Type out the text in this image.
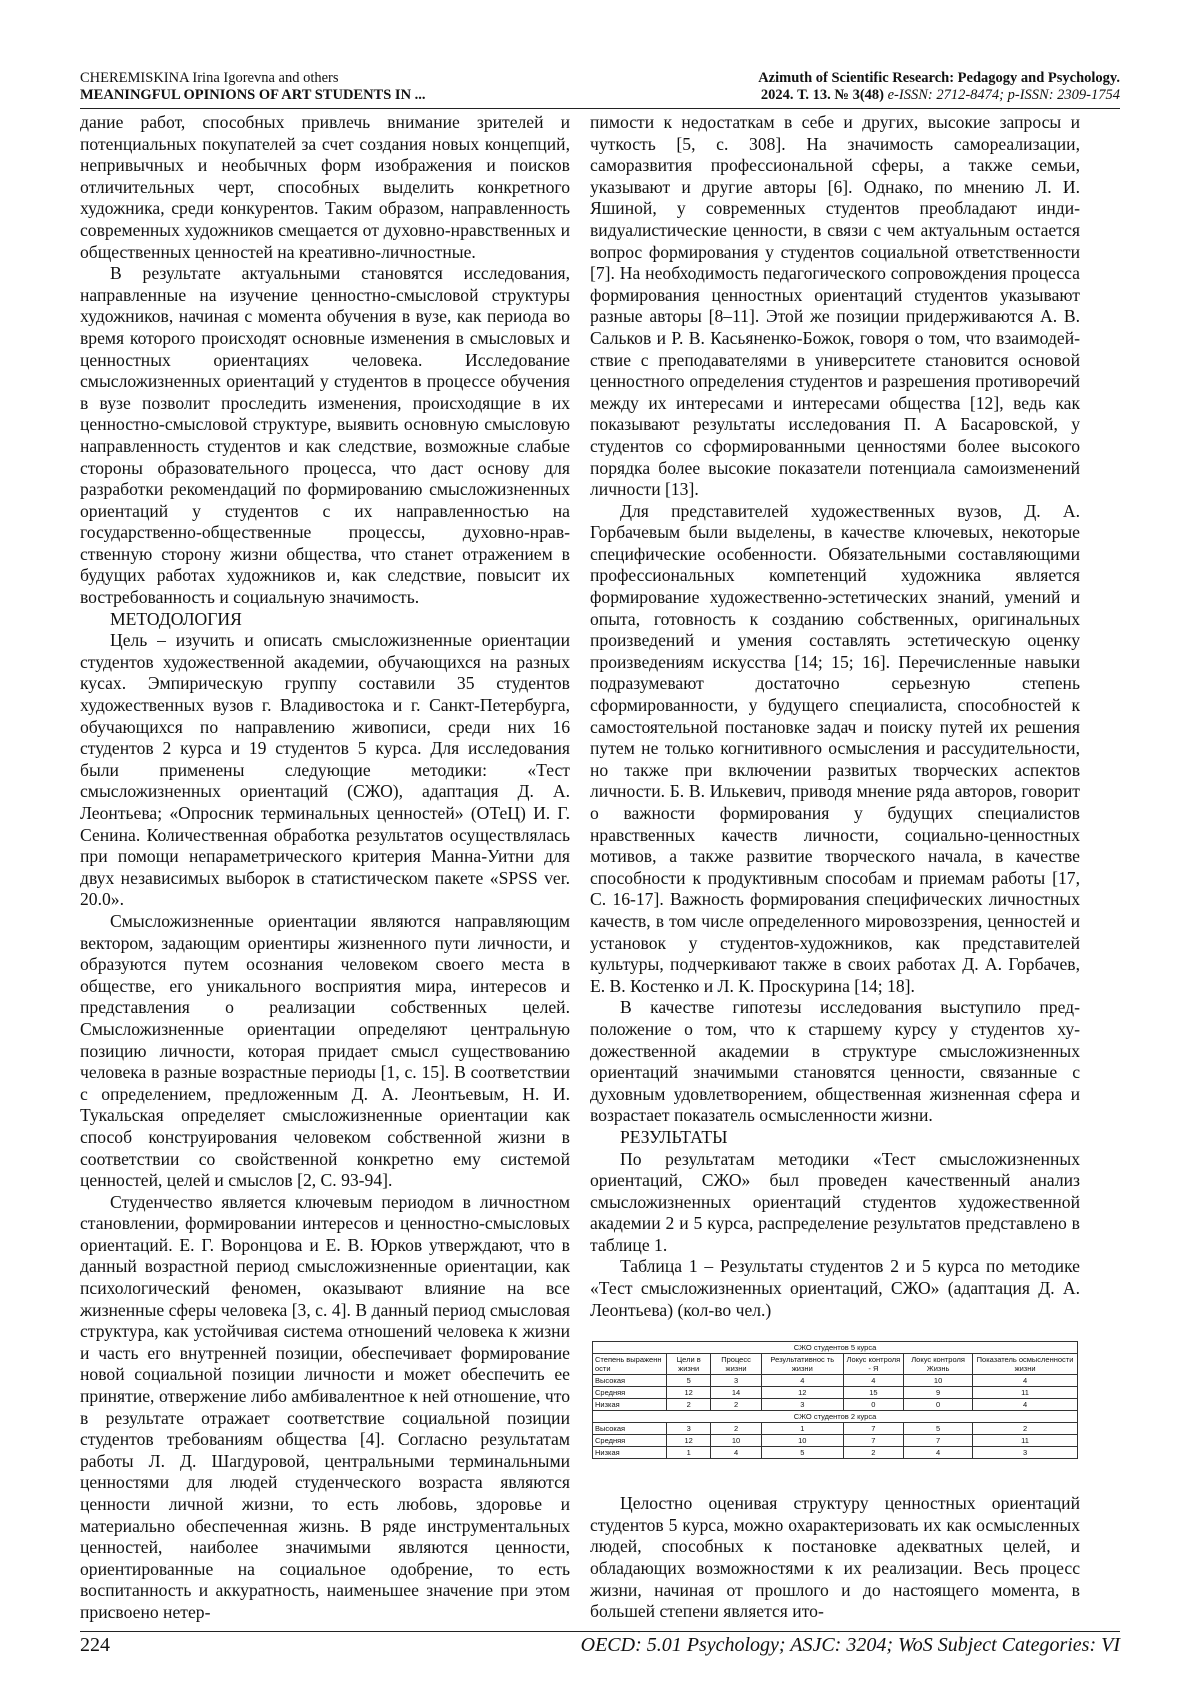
CHEREMISKINA Irina Igorevna and others
MEANINGFUL OPINIONS OF ART STUDENTS IN ...
Azimuth of Scientific Research: Pedagogy and Psychology.
2024. Т. 13. № 3(48) e-ISSN: 2712-8474; p-ISSN: 2309-1754

дание работ, способных привлечь внимание зрителей и потенциальных покупателей за счет создания новых концепций, непривычных и необычных форм изображения и поисков отличительных черт, способных выделить конкретного художника, среди конкурентов. Таким образом, направленность современных художников смещается от духовно-нравственных и общественных ценностей на креативно-личностные.

В результате актуальными становятся исследования, направленные на изучение ценностно-смысловой структуры художников, начиная с момента обучения в вузе, как периода во время которого происходят основные изменения в смысловых и ценностных ориентациях человека. Исследование смысложизненных ориентаций у студентов в процессе обучения в вузе позволит проследить изменения, происходящие в их ценностно-смысловой структуре, выявить основную смысловую направленность студентов и как следствие, возможные слабые стороны образовательного процесса, что даст основу для разработки рекомендаций по формированию смысложизненных ориентаций у студентов с их направленностью на государственно-общественные процессы, духовно-нравственную сторону жизни общества, что станет отражением в будущих работах художников и, как следствие, повысит их востребованность и социальную значимость.

МЕТОДОЛОГИЯ

Цель – изучить и описать смысложизненные ориентации студентов художественной академии, обучающихся на разных кусах. Эмпирическую группу составили 35 студентов художественных вузов г. Владивостока и г. Санкт-Петербурга, обучающихся по направлению живописи, среди них 16 студентов 2 курса и 19 студентов 5 курса. Для исследования были применены следующие методики: «Тест смысложизненных ориентаций (СЖО), адаптация Д. А. Леонтьева; «Опросник терминальных ценностей» (ОТеЦ) И. Г. Сенина. Количественная обработка результатов осуществлялась при помощи непараметрического критерия Манна-Уитни для двух независимых выборок в статистическом пакете «SPSS ver. 20.0».

Смысложизненные ориентации являются направляющим вектором, задающим ориентиры жизненного пути личности, и образуются путем осознания человеком своего места в обществе, его уникального восприятия мира, интересов и представления о реализации собственных целей. Смысложизненные ориентации определяют центральную позицию личности, которая придает смысл существованию человека в разные возрастные периоды [1, с. 15]. В соответствии с определением, предложенным Д. А. Леонтьевым, Н. И. Тукальская определяет смысложизненные ориентации как способ конструирования человеком собственной жизни в соответствии со свойственной конкретно ему системой ценностей, целей и смыслов [2, С. 93-94].

Студенчество является ключевым периодом в личностном становлении, формировании интересов и ценностно-смысловых ориентаций. Е. Г. Воронцова и Е. В. Юрков утверждают, что в данный возрастной период смысложизненные ориентации, как психологический феномен, оказывают влияние на все жизненные сферы человека [3, с. 4]. В данный период смысловая структура, как устойчивая система отношений человека к жизни и часть его внутренней позиции, обеспечивает формирование новой социальной позиции личности и может обеспечить ее принятие, отвержение либо амбивалентное к ней отношение, что в результате отражает соответствие социальной позиции студентов требованиям общества [4]. Согласно результатам работы Л. Д. Шагдуровой, центральными терминальными ценностями для людей студенческого возраста являются ценности личной жизни, то есть любовь, здоровье и материально обеспеченная жизнь. В ряде инструментальных ценностей, наиболее значимыми являются ценности, ориентированные на социальное одобрение, то есть воспитанность и аккуратность, наименьшее значение при этом присвоено нетер-

пимости к недостаткам в себе и других, высокие запросы и чуткость [5, с. 308]. На значимость самореализации, саморазвития профессиональной сферы, а также семьи, указывают и другие авторы [6]. Однако, по мнению Л. И. Яшиной, у современных студентов преобладают индивидуалистические ценности, в связи с чем актуальным остается вопрос формирования у студентов социальной ответственности [7]. На необходимость педагогического сопровождения процесса формирования ценностных ориентаций студентов указывают разные авторы [8–11]. Этой же позиции придерживаются А. В. Сальков и Р. В. Касьяненко-Божок, говоря о том, что взаимодействие с преподавателями в университете становится основой ценностного определения студентов и разрешения противоречий между их интересами и интересами общества [12], ведь как показывают результаты исследования П. А Басаровской, у студентов со сформированными ценностями более высокого порядка более высокие показатели потенциала самоизменений личности [13].

Для представителей художественных вузов, Д. А. Горбачевым были выделены, в качестве ключевых, некоторые специфические особенности. Обязательными составляющими профессиональных компетенций художника является формирование художественно-эстетических знаний, умений и опыта, готовность к созданию собственных, оригинальных произведений и умения составлять эстетическую оценку произведениям искусства [14; 15; 16]. Перечисленные навыки подразумевают достаточно серьезную степень сформированности, у будущего специалиста, способностей к самостоятельной постановке задач и поиску путей их решения путем не только когнитивного осмысления и рассудительности, но также при включении развитых творческих аспектов личности. Б. В. Илькевич, приводя мнение ряда авторов, говорит о важности формирования у будущих специалистов нравственных качеств личности, социально-ценностных мотивов, а также развитие творческого начала, в качестве способности к продуктивным способам и приемам работы [17, С. 16-17]. Важность формирования специфических личностных качеств, в том числе определенного мировоззрения, ценностей и установок у студентов-художников, как представителей культуры, подчеркивают также в своих работах Д. А. Горбачев, Е. В. Костенко и Л. К. Проскурина [14; 18].

В качестве гипотезы исследования выступило предположение о том, что к старшему курсу у студентов художественной академии в структуре смысложизненных ориентаций значимыми становятся ценности, связанные с духовным удовлетворением, общественная жизненная сфера и возрастает показатель осмысленности жизни.

РЕЗУЛЬТАТЫ

По результатам методики «Тест смысложизненных ориентаций, СЖО» был проведен качественный анализ смысложизненных ориентаций студентов художественной академии 2 и 5 курса, распределение результатов представлено в таблице 1.

Таблица 1 – Результаты студентов 2 и 5 курса по методике «Тест смысложизненных ориентаций, СЖО» (адаптация Д. А. Леонтьева) (кол-во чел.)

СЖО студентов 5 курса						
Степень выраженн ости	Цели в жизни	Процесс жизни	Результативнос ть жизни	Локус контроля - Я	Локус контроля Жизнь	Показатель осмысленности жизни
Высокая	5	3	4	4	10	4
Средняя	12	14	12	15	9	11
Низкая	2	2	3	0	0	4
СЖО студентов 2 курса						
Высокая	3	2	1	7	5	2
Средняя	12	10	10	7	7	11
Низкая	1	4	5	2	4	3

Целостно оценивая структуру ценностных ориентаций студентов 5 курса, можно охарактеризовать их как осмысленных людей, способных к постановке адекватных целей, и обладающих возможностями к их реализации. Весь процесс жизни, начиная от прошлого и до настоящего момента, в большей степени является ито-

224	OECD: 5.01 Psychology; ASJC: 3204; WoS Subject Categories: VI
